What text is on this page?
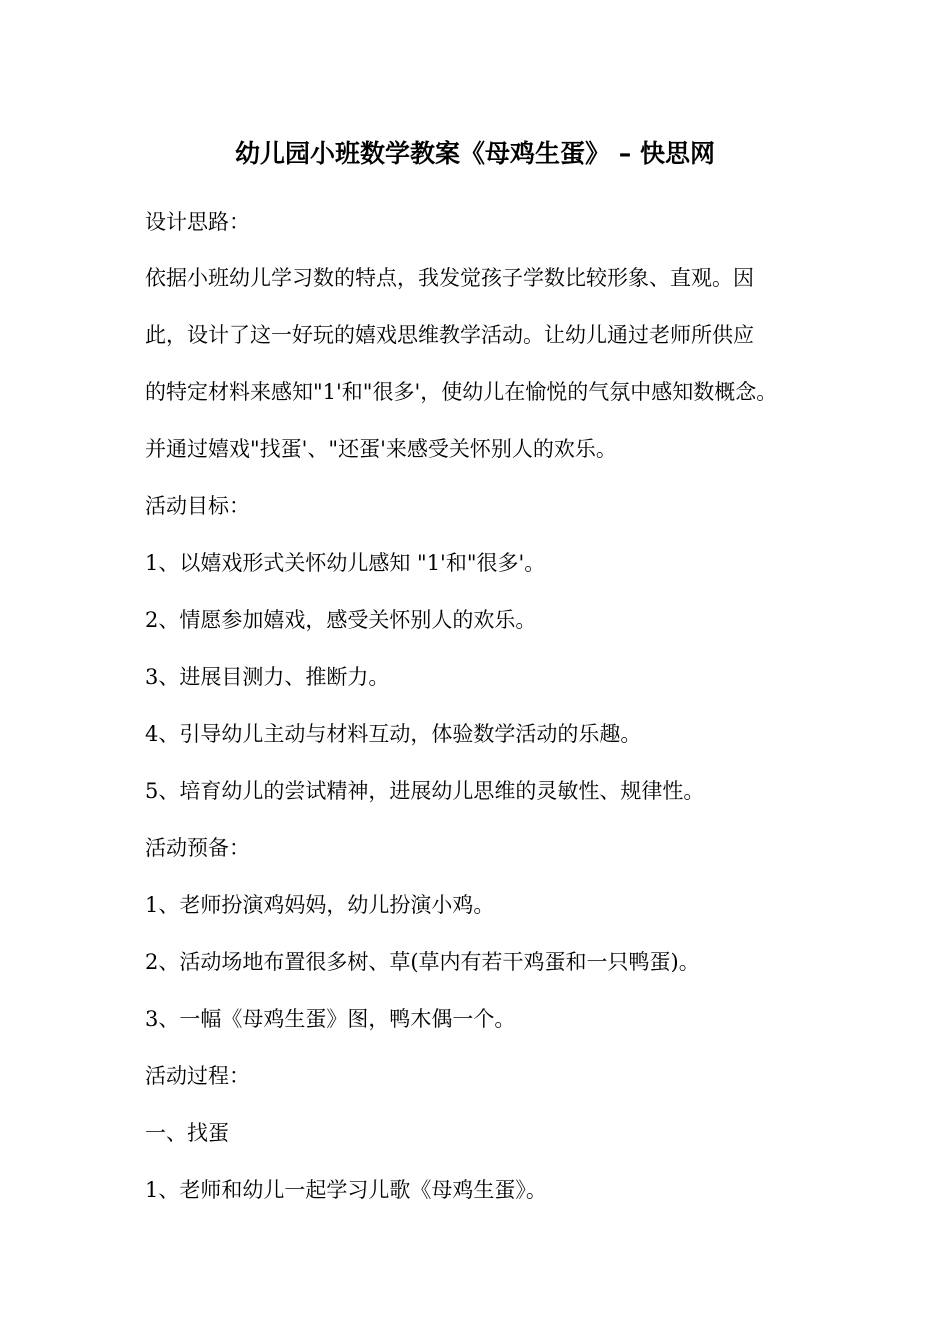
幼儿园小班数学教案《母鸡生蛋》 – 快思网
设计思路：
依据小班幼儿学习数的特点，我发觉孩子学数比较形象、直观。因
此，设计了这一好玩的嬉戏思维教学活动。让幼儿通过老师所供应
的特定材料来感知"1'和"很多'，使幼儿在愉悦的气氛中感知数概念。
并通过嬉戏"找蛋'、"还蛋'来感受关怀别人的欢乐。
活动目标：
1、以嬉戏形式关怀幼儿感知 "1'和"很多'。
2、情愿参加嬉戏，感受关怀别人的欢乐。
3、进展目测力、推断力。
4、引导幼儿主动与材料互动，体验数学活动的乐趣。
5、培育幼儿的尝试精神，进展幼儿思维的灵敏性、规律性。
活动预备：
1、老师扮演鸡妈妈，幼儿扮演小鸡。
2、活动场地布置很多树、草(草内有若干鸡蛋和一只鸭蛋)。
3、一幅《母鸡生蛋》图，鸭木偶一个。
活动过程：
一、找蛋
1、老师和幼儿一起学习儿歌《母鸡生蛋》。
